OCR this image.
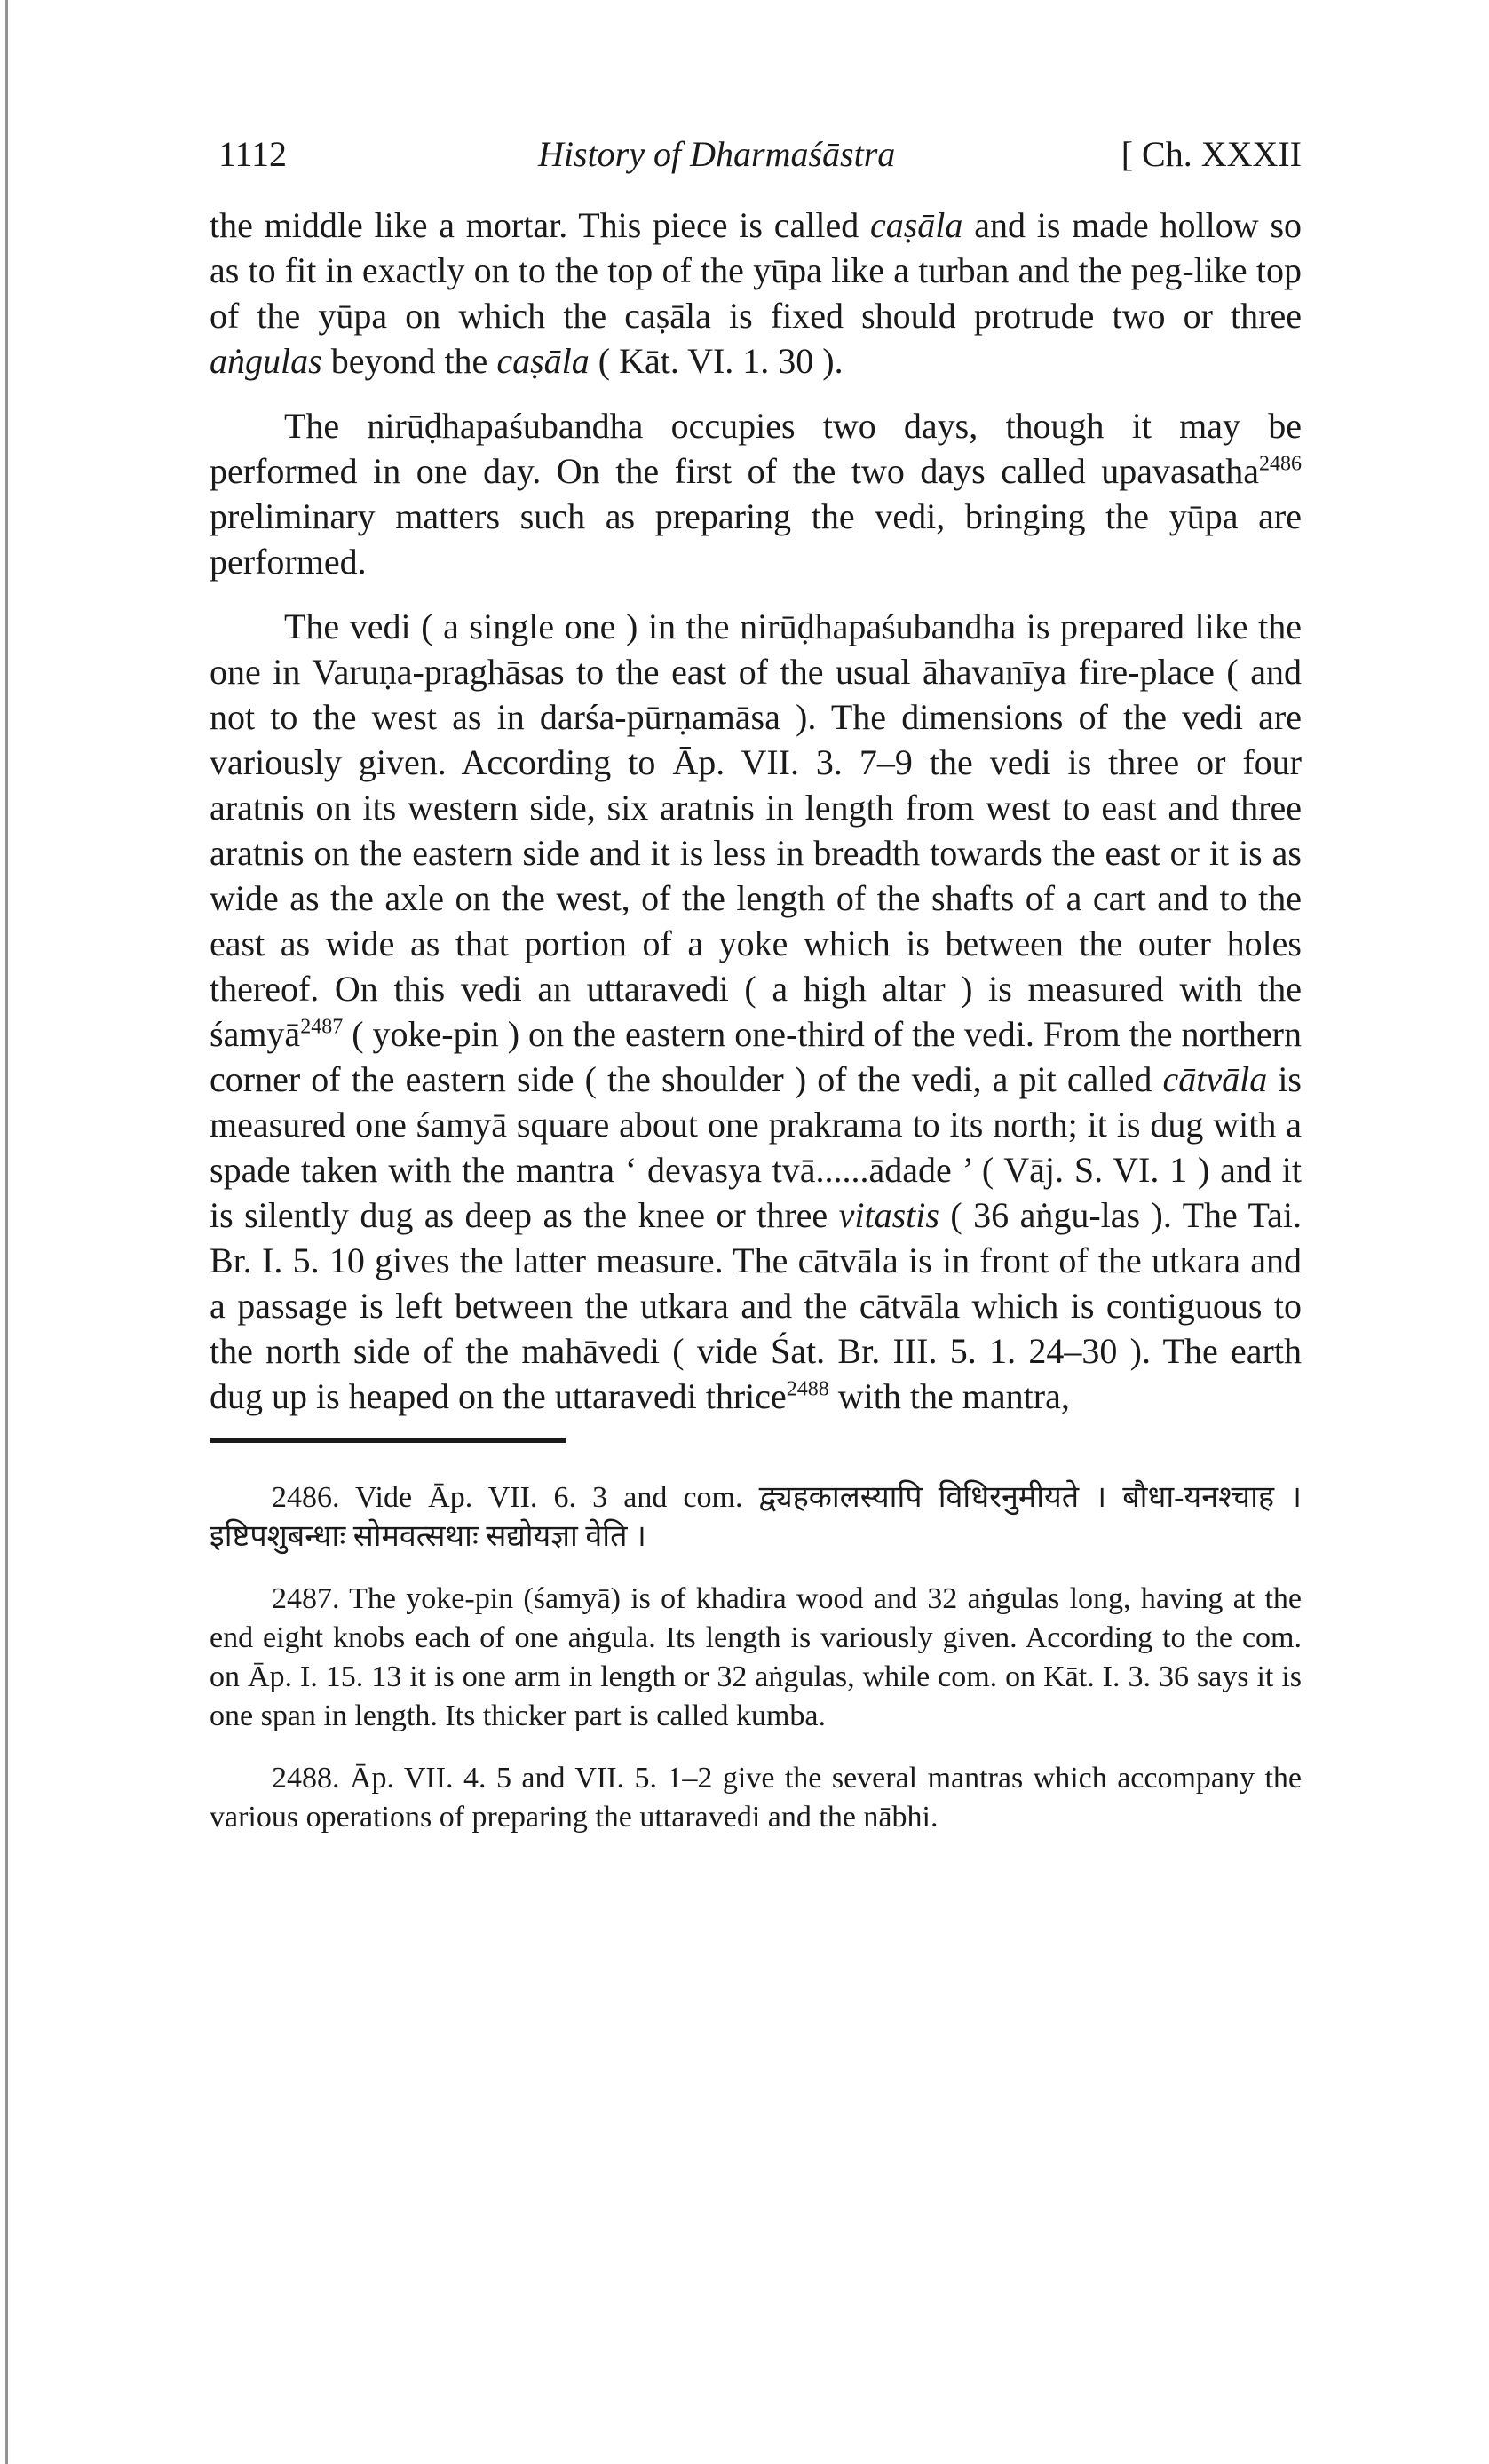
1112	History of Dharmaśāstra	[ Ch. XXXII

the middle like a mortar. This piece is called caṣāla and is made hollow so as to fit in exactly on to the top of the yūpa like a turban and the peg-like top of the yūpa on which the caṣāla is fixed should protrude two or three aṅgulas beyond the caṣāla ( Kāt. VI. 1. 30 ).

The nirūḍhapaśubandha occupies two days, though it may be performed in one day. On the first of the two days called upavasatha$^{2486}$ preliminary matters such as preparing the vedi, bringing the yūpa are performed.

The vedi ( a single one ) in the nirūḍhapaśubandha is prepared like the one in Varuṇa-praghāsas to the east of the usual āhavanīya fire-place ( and not to the west as in darśa-pūrṇamāsa ). The dimensions of the vedi are variously given. According to Āp. VII. 3. 7–9 the vedi is three or four aratnis on its western side, six aratnis in length from west to east and three aratnis on the eastern side and it is less in breadth towards the east or it is as wide as the axle on the west, of the length of the shafts of a cart and to the east as wide as that portion of a yoke which is between the outer holes thereof. On this vedi an uttaravedi ( a high altar ) is measured with the śamyā$^{2487}$ ( yoke-pin ) on the eastern one-third of the vedi. From the northern corner of the eastern side ( the shoulder ) of the vedi, a pit called cātvāla is measured one śamyā square about one prakrama to its north; it is dug with a spade taken with the mantra ‘ devasya tvā......ādade ’ ( Vāj. S. VI. 1 ) and it is silently dug as deep as the knee or three vitastis ( 36 aṅgu-las ). The Tai. Br. I. 5. 10 gives the latter measure. The cātvāla is in front of the utkara and a passage is left between the utkara and the cātvāla which is contiguous to the north side of the mahāvedi ( vide Śat. Br. III. 5. 1. 24–30 ). The earth dug up is heaped on the uttaravedi thrice$^{2488}$ with the mantra,

2486. Vide Āp. VII. 6. 3 and com. द्व्यहकालस्यापि विधिरनुमीयते । बौधा-यनश्चाह । इष्टिपशुबन्धाः सोमवत्सथाः सद्योयज्ञा वेति ।

2487. The yoke-pin (śamyā) is of khadira wood and 32 aṅgulas long, having at the end eight knobs each of one aṅgula. Its length is variously given. According to the com. on Āp. I. 15. 13 it is one arm in length or 32 aṅgulas, while com. on Kāt. I. 3. 36 says it is one span in length. Its thicker part is called kumba.

2488. Āp. VII. 4. 5 and VII. 5. 1–2 give the several mantras which accompany the various operations of preparing the uttaravedi and the nābhi.
